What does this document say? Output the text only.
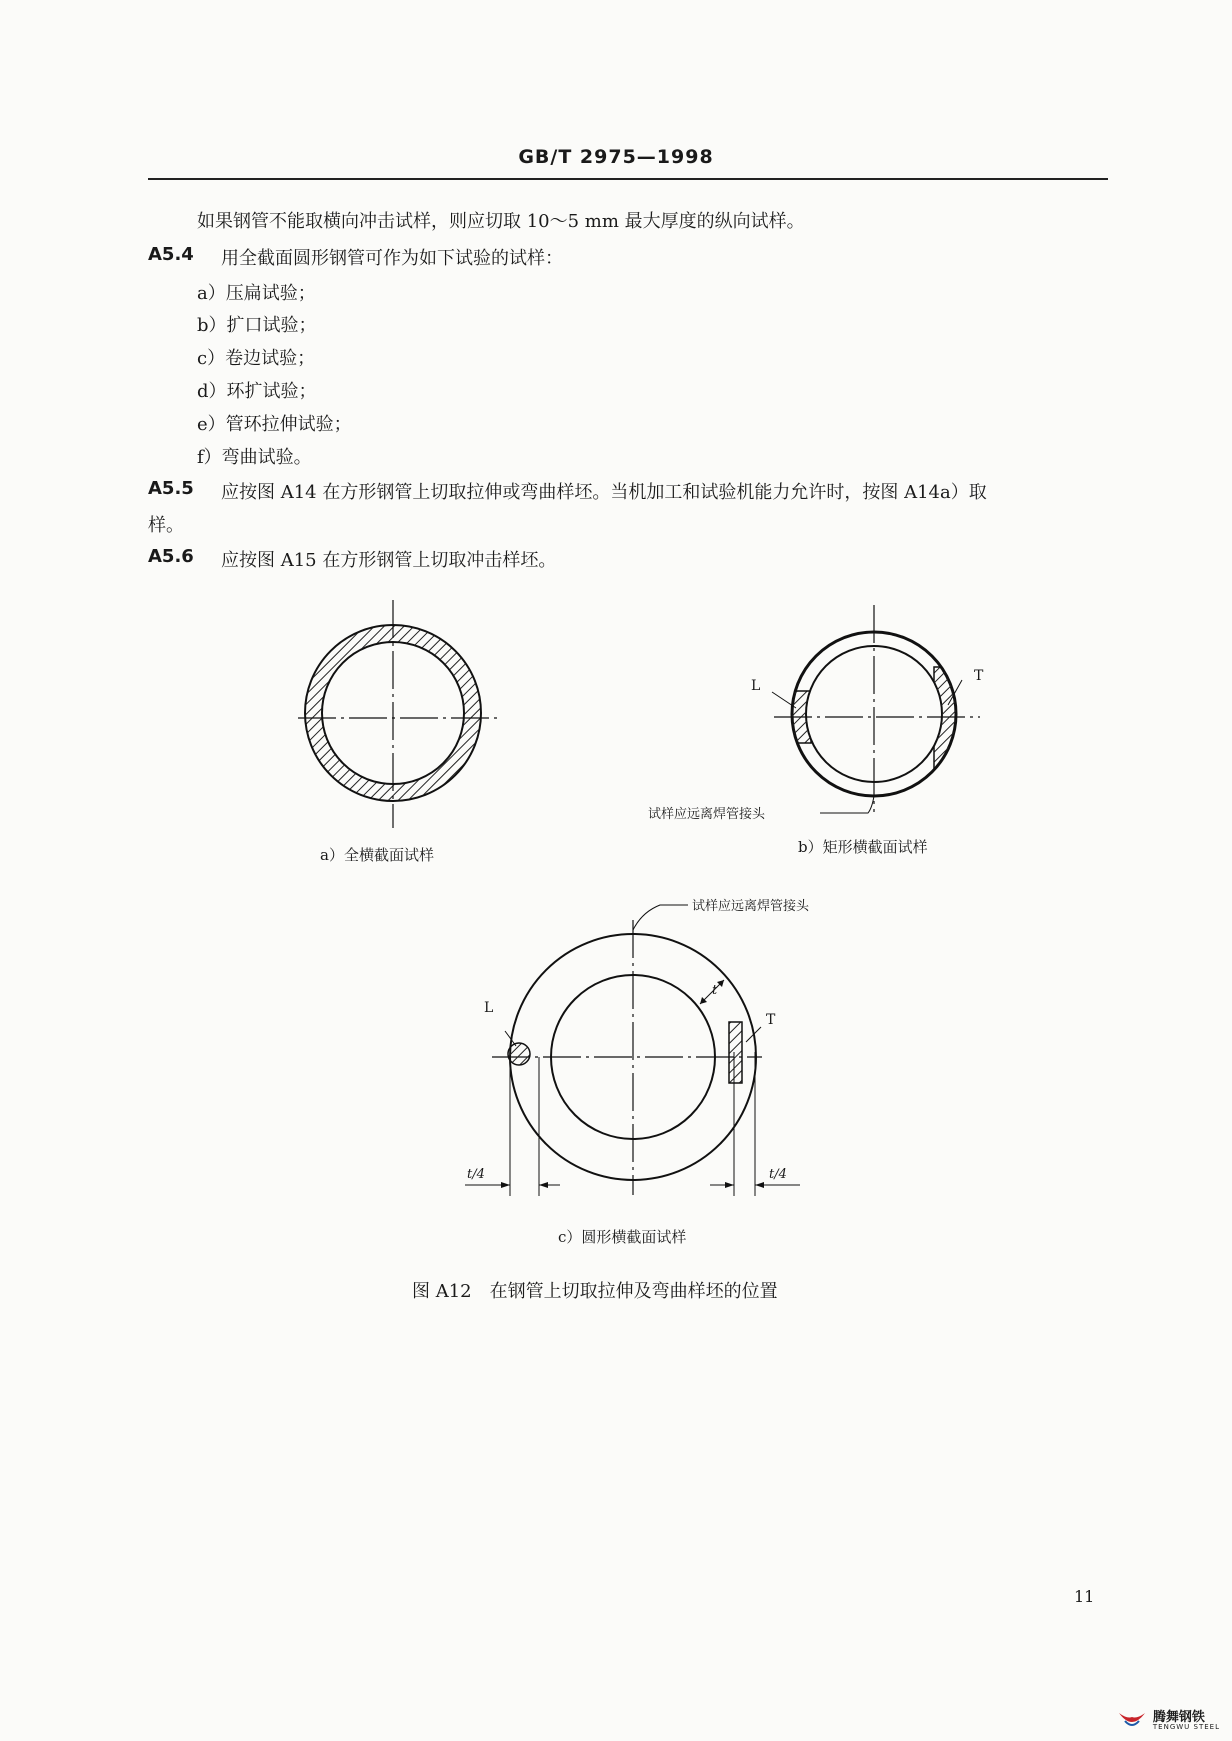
GB/T 2975—1998
如果钢管不能取横向冲击试样，则应切取 10～5 mm 最大厚度的纵向试样。
A5.4 用全截面圆形钢管可作为如下试验的试样：
a）压扁试验；
b）扩口试验；
c）卷边试验；
d）环扩试验；
e）管环拉伸试验；
f）弯曲试验。
A5.5 应按图 A14 在方形钢管上切取拉伸或弯曲样坯。当机加工和试验机能力允许时，按图 A14a）取
样。
A5.6 应按图 A15 在方形钢管上切取冲击样坯。
L
T
试样应远离焊管接头
试样应远离焊管接头
L
T
t
t/4	t/4
a）全横截面试样	b）矩形横截面试样
c）圆形横截面试样
图 A12　在钢管上切取拉伸及弯曲样坯的位置
11
腾舞钢铁
TENGWU STEEL
